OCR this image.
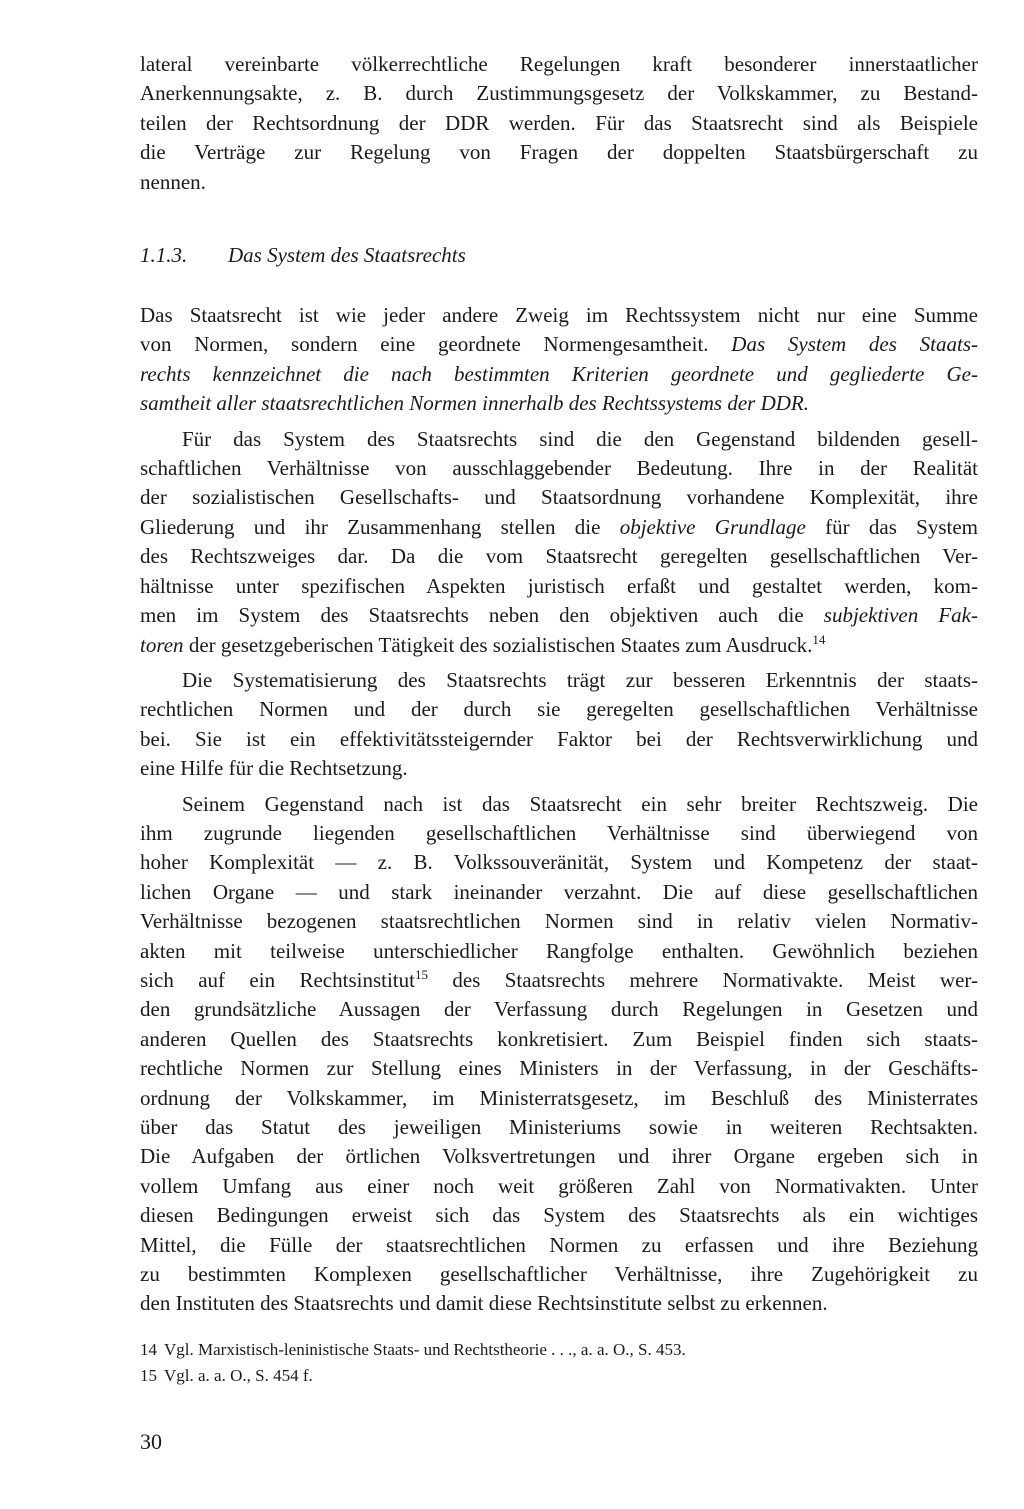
lateral vereinbarte völkerrechtliche Regelungen kraft besonderer innerstaatlicher
Anerkennungsakte, z. B. durch Zustimmungsgesetz der Volkskammer, zu Bestand-
teilen der Rechtsordnung der DDR werden. Für das Staatsrecht sind als Beispiele
die Verträge zur Regelung von Fragen der doppelten Staatsbürgerschaft zu
nennen.
1.1.3. Das System des Staatsrechts
Das Staatsrecht ist wie jeder andere Zweig im Rechtssystem nicht nur eine Summe
von Normen, sondern eine geordnete Normengesamtheit. Das System des Staats-
rechts kennzeichnet die nach bestimmten Kriterien geordnete und gegliederte Ge-
samtheit aller staatsrechtlichen Normen innerhalb des Rechtssystems der DDR.
Für das System des Staatsrechts sind die den Gegenstand bildenden gesell-
schaftlichen Verhältnisse von ausschlaggebender Bedeutung. Ihre in der Realität
der sozialistischen Gesellschafts- und Staatsordnung vorhandene Komplexität, ihre
Gliederung und ihr Zusammenhang stellen die objektive Grundlage für das System
des Rechtszweiges dar. Da die vom Staatsrecht geregelten gesellschaftlichen Ver-
hältnisse unter spezifischen Aspekten juristisch erfaßt und gestaltet werden, kom-
men im System des Staatsrechts neben den objektiven auch die subjektiven Fak-
toren der gesetzgeberischen Tätigkeit des sozialistischen Staates zum Ausdruck.$^{14}$
Die Systematisierung des Staatsrechts trägt zur besseren Erkenntnis der staats-
rechtlichen Normen und der durch sie geregelten gesellschaftlichen Verhältnisse
bei. Sie ist ein effektivitätssteigernder Faktor bei der Rechtsverwirklichung und
eine Hilfe für die Rechtsetzung.
Seinem Gegenstand nach ist das Staatsrecht ein sehr breiter Rechtszweig. Die
ihm zugrunde liegenden gesellschaftlichen Verhältnisse sind überwiegend von
hoher Komplexität — z. B. Volkssouveränität, System und Kompetenz der staat-
lichen Organe — und stark ineinander verzahnt. Die auf diese gesellschaftlichen
Verhältnisse bezogenen staatsrechtlichen Normen sind in relativ vielen Normativ-
akten mit teilweise unterschiedlicher Rangfolge enthalten. Gewöhnlich beziehen
sich auf ein Rechtsinstitut$^{15}$ des Staatsrechts mehrere Normativakte. Meist wer-
den grundsätzliche Aussagen der Verfassung durch Regelungen in Gesetzen und
anderen Quellen des Staatsrechts konkretisiert. Zum Beispiel finden sich staats-
rechtliche Normen zur Stellung eines Ministers in der Verfassung, in der Geschäfts-
ordnung der Volkskammer, im Ministerratsgesetz, im Beschluß des Ministerrates
über das Statut des jeweiligen Ministeriums sowie in weiteren Rechtsakten.
Die Aufgaben der örtlichen Volksvertretungen und ihrer Organe ergeben sich in
vollem Umfang aus einer noch weit größeren Zahl von Normativakten. Unter
diesen Bedingungen erweist sich das System des Staatsrechts als ein wichtiges
Mittel, die Fülle der staatsrechtlichen Normen zu erfassen und ihre Beziehung
zu bestimmten Komplexen gesellschaftlicher Verhältnisse, ihre Zugehörigkeit zu
den Instituten des Staatsrechts und damit diese Rechtsinstitute selbst zu erkennen.
14 Vgl. Marxistisch-leninistische Staats- und Rechtstheorie . . ., a. a. O., S. 453.
15 Vgl. a. a. O., S. 454 f.
30
